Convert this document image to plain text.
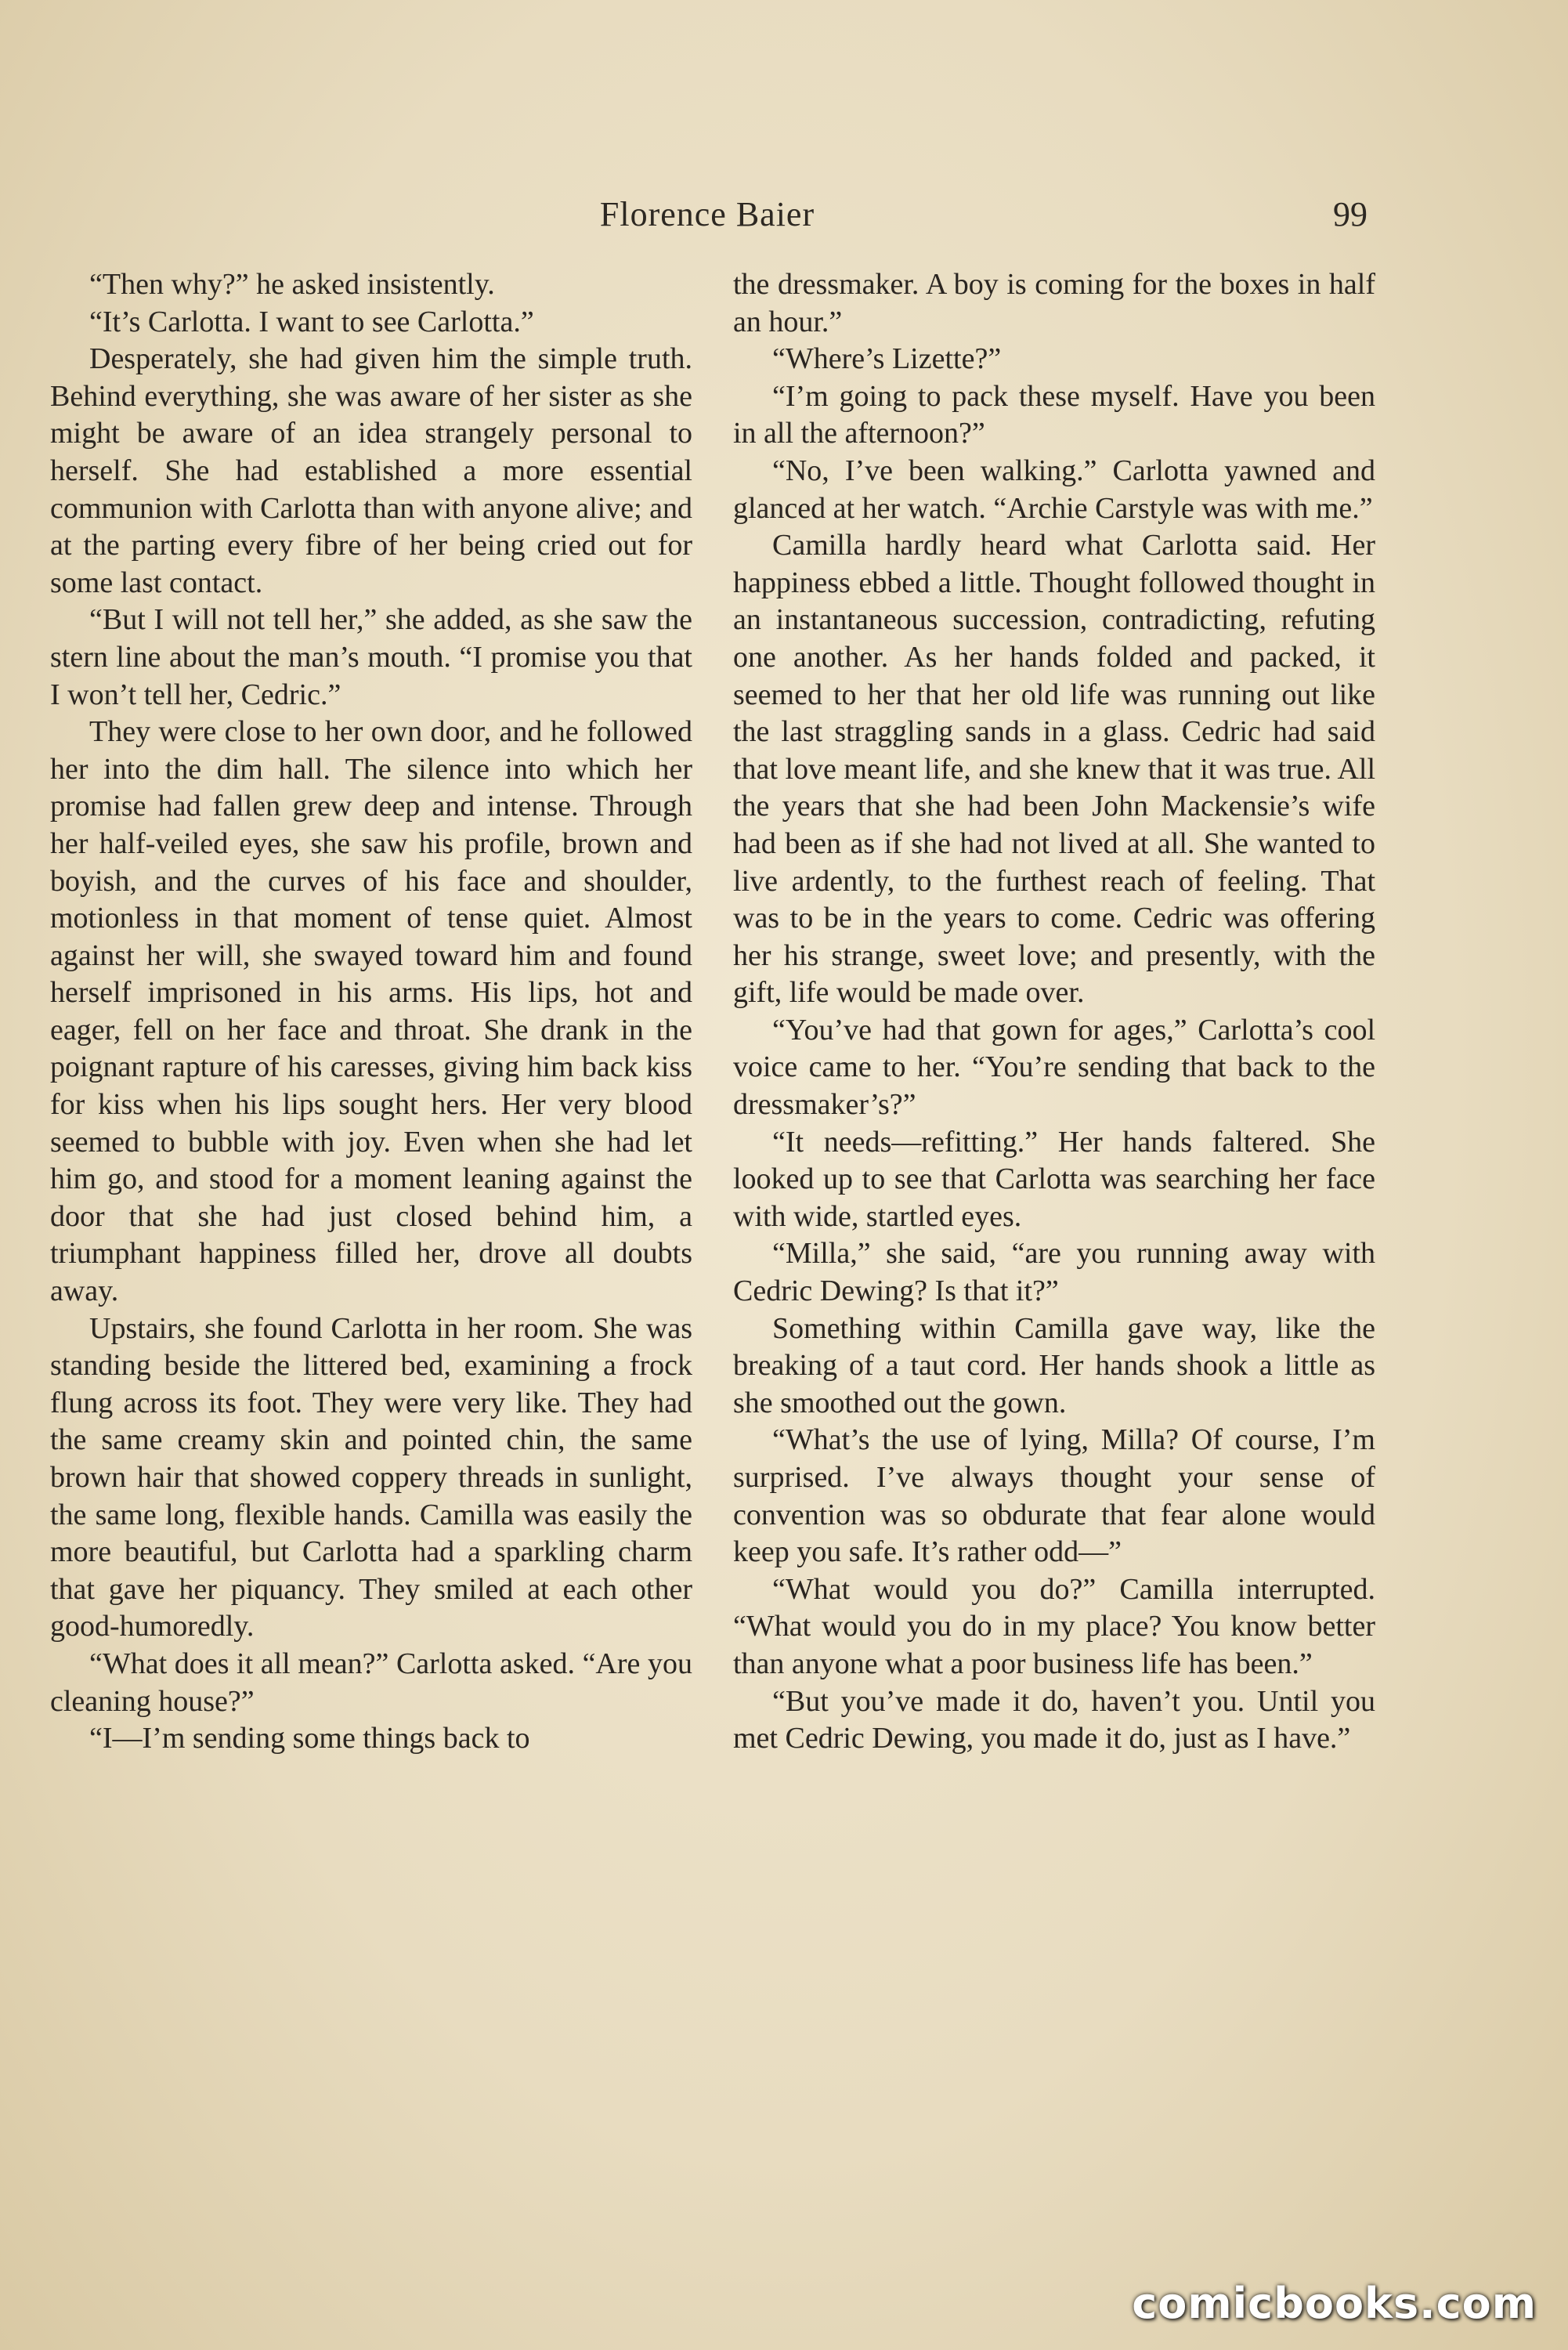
Florence Baier	99

“Then why?” he asked insistently.

“It’s Carlotta. I want to see Carlotta.”

Desperately, she had given him the simple truth. Behind everything, she was aware of her sister as she might be aware of an idea strangely personal to herself. She had established a more essential communion with Carlotta than with anyone alive; and at the parting every fibre of her being cried out for some last contact.

“But I will not tell her,” she added, as she saw the stern line about the man’s mouth. “I promise you that I won’t tell her, Cedric.”

They were close to her own door, and he followed her into the dim hall. The silence into which her promise had fallen grew deep and intense. Through her half-veiled eyes, she saw his profile, brown and boyish, and the curves of his face and shoulder, motionless in that moment of tense quiet. Almost against her will, she swayed toward him and found herself imprisoned in his arms. His lips, hot and eager, fell on her face and throat. She drank in the poignant rapture of his caresses, giving him back kiss for kiss when his lips sought hers. Her very blood seemed to bubble with joy. Even when she had let him go, and stood for a moment leaning against the door that she had just closed behind him, a triumphant happiness filled her, drove all doubts away.

Upstairs, she found Carlotta in her room. She was standing beside the littered bed, examining a frock flung across its foot. They were very like. They had the same creamy skin and pointed chin, the same brown hair that showed coppery threads in sunlight, the same long, flexible hands. Camilla was easily the more beautiful, but Carlotta had a sparkling charm that gave her piquancy. They smiled at each other good-humoredly.

“What does it all mean?” Carlotta asked. “Are you cleaning house?”

“I—I’m sending some things back to

the dressmaker. A boy is coming for the boxes in half an hour.”

“Where’s Lizette?”

“I’m going to pack these myself. Have you been in all the afternoon?”

“No, I’ve been walking.” Carlotta yawned and glanced at her watch. “Archie Carstyle was with me.”

Camilla hardly heard what Carlotta said. Her happiness ebbed a little. Thought followed thought in an instantaneous succession, contradicting, refuting one another. As her hands folded and packed, it seemed to her that her old life was running out like the last straggling sands in a glass. Cedric had said that love meant life, and she knew that it was true. All the years that she had been John Mackensie’s wife had been as if she had not lived at all. She wanted to live ardently, to the furthest reach of feeling. That was to be in the years to come. Cedric was offering her his strange, sweet love; and presently, with the gift, life would be made over.

“You’ve had that gown for ages,” Carlotta’s cool voice came to her. “You’re sending that back to the dressmaker’s?”

“It needs—refitting.” Her hands faltered. She looked up to see that Carlotta was searching her face with wide, startled eyes.

“Milla,” she said, “are you running away with Cedric Dewing? Is that it?”

Something within Camilla gave way, like the breaking of a taut cord. Her hands shook a little as she smoothed out the gown.

“What’s the use of lying, Milla? Of course, I’m surprised. I’ve always thought your sense of convention was so obdurate that fear alone would keep you safe. It’s rather odd—”

“What would you do?” Camilla interrupted. “What would you do in my place? You know better than anyone what a poor business life has been.”

“But you’ve made it do, haven’t you. Until you met Cedric Dewing, you made it do, just as I have.”

comicbooks.com
